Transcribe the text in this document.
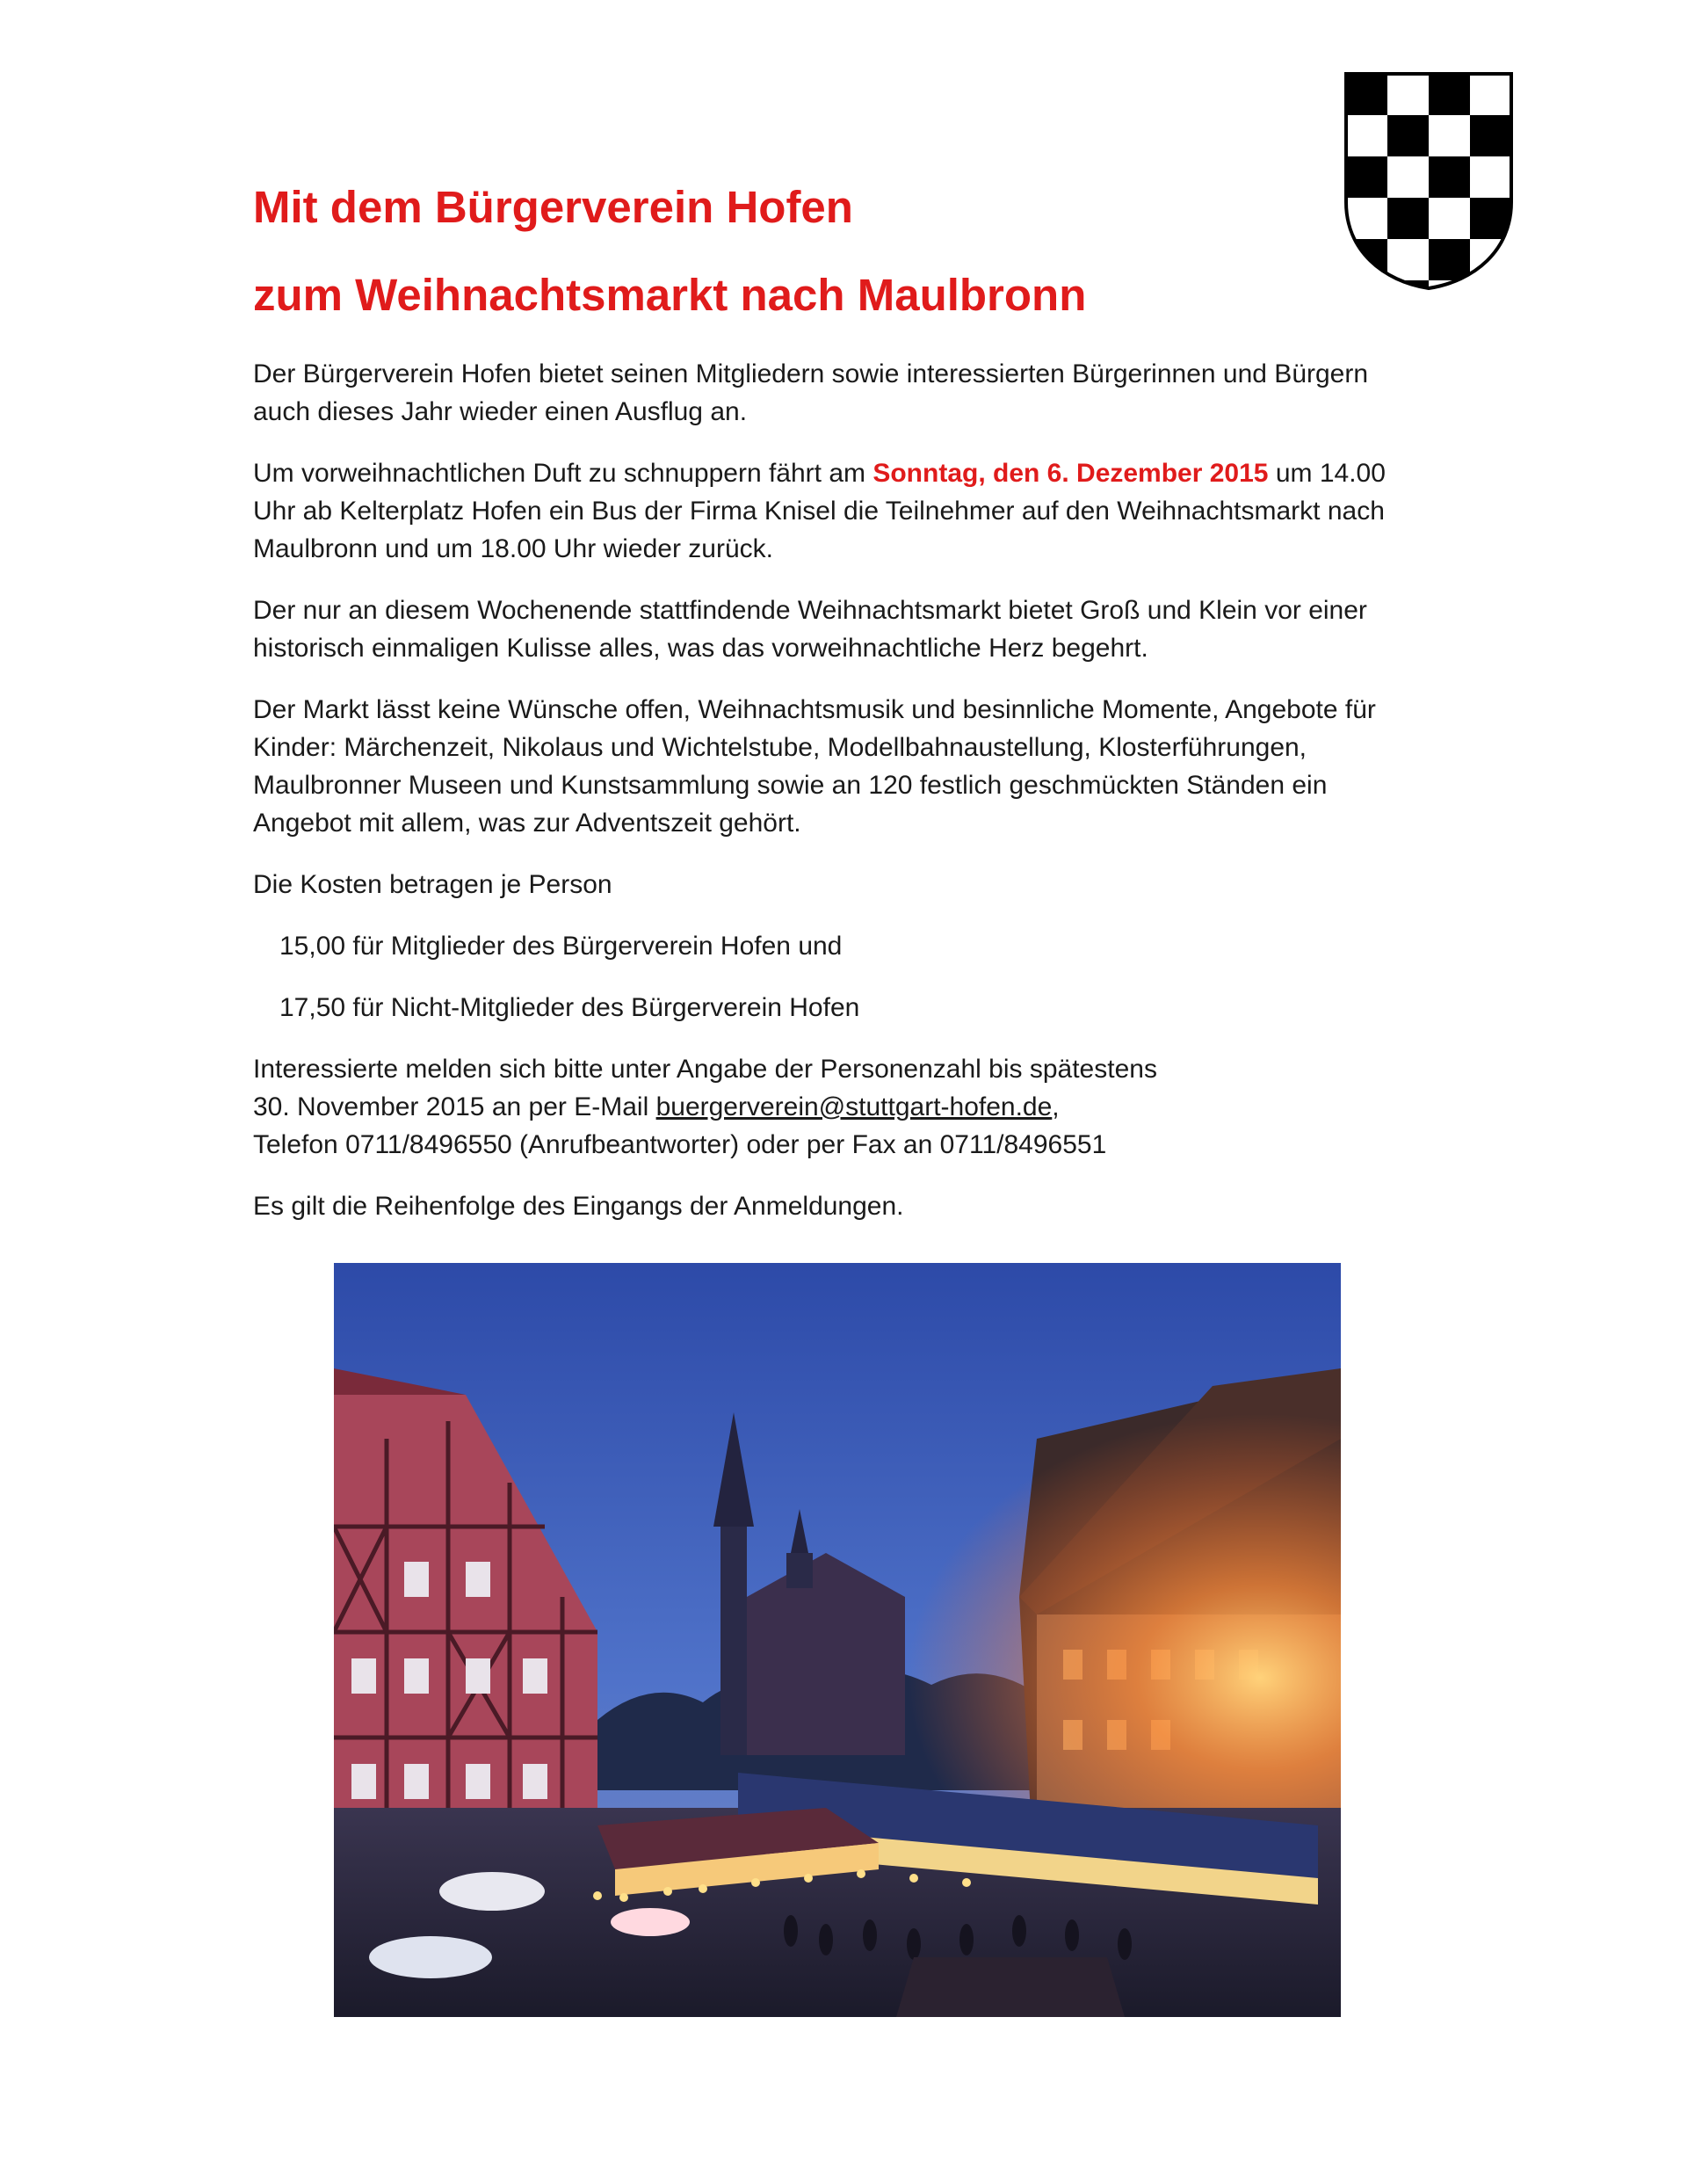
Mit dem Bürgerverein Hofen
zum Weihnachtsmarkt nach Maulbronn

Der Bürgerverein Hofen bietet seinen Mitgliedern sowie interessierten Bürgerinnen und Bürgern auch dieses Jahr wieder einen Ausflug an.

Um vorweihnachtlichen Duft zu schnuppern fährt am Sonntag, den 6. Dezember 2015 um 14.00 Uhr ab Kelterplatz Hofen ein Bus der Firma Knisel die Teilnehmer auf den Weihnachtsmarkt nach Maulbronn und um 18.00 Uhr wieder zurück.

Der nur an diesem Wochenende stattfindende Weihnachtsmarkt bietet Groß und Klein vor einer historisch einmaligen Kulisse alles, was das vorweihnachtliche Herz begehrt.

Der Markt lässt keine Wünsche offen, Weihnachtsmusik und besinnliche Momente, Angebote für Kinder: Märchenzeit, Nikolaus und Wichtelstube, Modellbahnaustellung, Klosterführungen, Maulbronner Museen und Kunstsammlung sowie an 120 festlich geschmückten Ständen ein Angebot mit allem, was zur Adventszeit gehört.

Die Kosten betragen je Person

15,00 für Mitglieder des Bürgerverein Hofen und

17,50 für Nicht-Mitglieder des Bürgerverein Hofen

Interessierte melden sich bitte unter Angabe der Personenzahl bis spätestens
30. November 2015 an per E-Mail buergerverein@stuttgart-hofen.de,
Telefon 0711/8496550 (Anrufbeantworter) oder per Fax an 0711/8496551

Es gilt die Reihenfolge des Eingangs der Anmeldungen.
